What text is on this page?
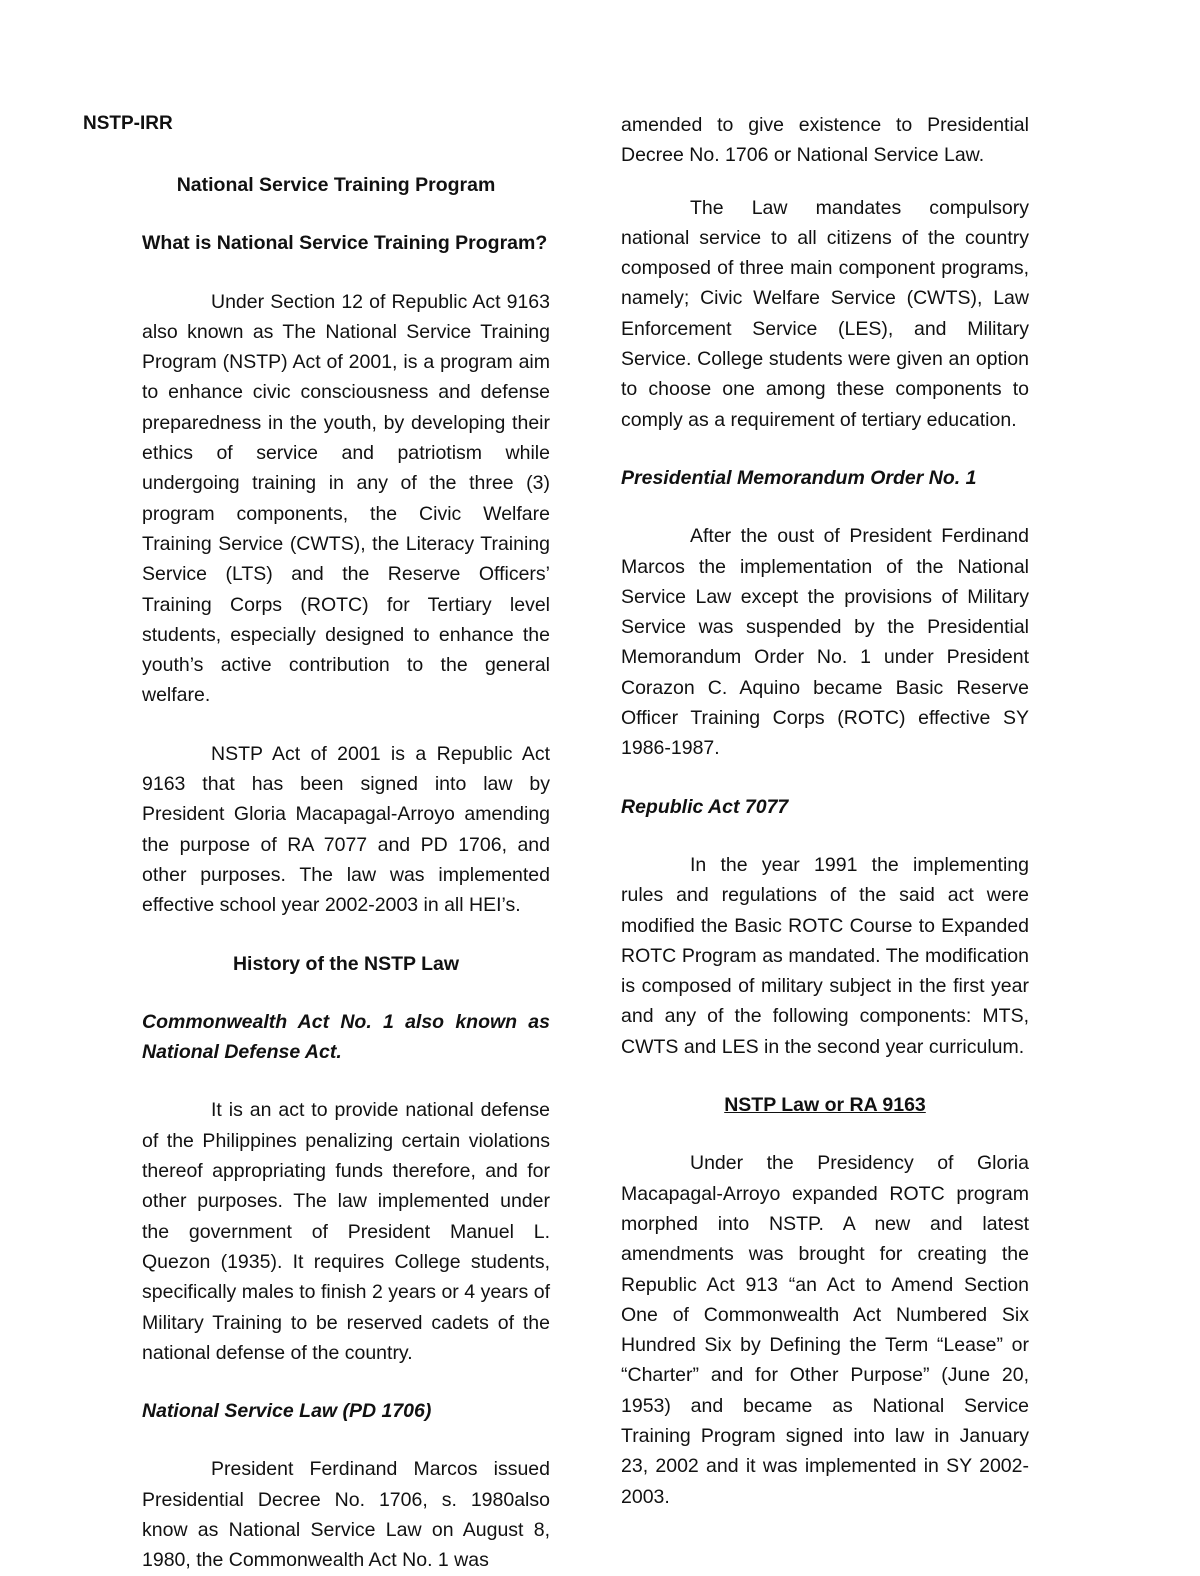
NSTP-IRR
National Service Training Program
What is National Service Training Program?

Under Section 12 of Republic Act 9163 also known as The National Service Training Program (NSTP) Act of 2001, is a program aim to enhance civic consciousness and defense preparedness in the youth, by developing their ethics of service and patriotism while undergoing training in any of the three (3) program components, the Civic Welfare Training Service (CWTS), the Literacy Training Service (LTS) and the Reserve Officers’ Training Corps (ROTC) for Tertiary level students, especially designed to enhance the youth’s active contribution to the general welfare.

NSTP Act of 2001 is a Republic Act 9163 that has been signed into law by President Gloria Macapagal-Arroyo amending the purpose of RA 7077 and PD 1706, and other purposes. The law was implemented effective school year 2002-2003 in all HEI’s.

History of the NSTP Law
Commonwealth Act No. 1 also known as National Defense Act.

It is an act to provide national defense of the Philippines penalizing certain violations thereof appropriating funds therefore, and for other purposes. The law implemented under the government of President Manuel L. Quezon (1935). It requires College students, specifically males to finish 2 years or 4 years of Military Training to be reserved cadets of the national defense of the country.

National Service Law (PD 1706)

President Ferdinand Marcos issued Presidential Decree No. 1706, s. 1980also know as National Service Law on August 8, 1980, the Commonwealth Act No. 1 was

amended to give existence to Presidential Decree No. 1706 or National Service Law.

The Law mandates compulsory national service to all citizens of the country composed of three main component programs, namely; Civic Welfare Service (CWTS), Law Enforcement Service (LES), and Military Service. College students were given an option to choose one among these components to comply as a requirement of tertiary education.

Presidential Memorandum Order No. 1

After the oust of President Ferdinand Marcos the implementation of the National Service Law except the provisions of Military Service was suspended by the Presidential Memorandum Order No. 1 under President Corazon C. Aquino became Basic Reserve Officer Training Corps (ROTC) effective SY 1986-1987.

Republic Act 7077

In the year 1991 the implementing rules and regulations of the said act were modified the Basic ROTC Course to Expanded ROTC Program as mandated. The modification is composed of military subject in the first year and any of the following components: MTS, CWTS and LES in the second year curriculum.

NSTP Law or RA 9163

Under the Presidency of Gloria Macapagal-Arroyo expanded ROTC program morphed into NSTP. A new and latest amendments was brought for creating the Republic Act 913 “an Act to Amend Section One of Commonwealth Act Numbered Six Hundred Six by Defining the Term “Lease” or “Charter” and for Other Purpose” (June 20, 1953) and became as National Service Training Program signed into law in January 23, 2002 and it was implemented in SY 2002-2003.
